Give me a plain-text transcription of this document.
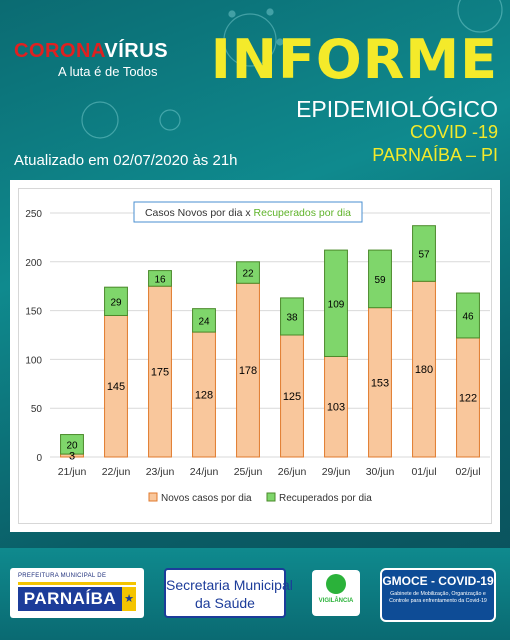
CORONAVÍRUS
A luta é de Todos INFORME
EPIDEMIOLÓGICO
COVID -19
PARNAÍBA – PI
Atualizado em 02/07/2020 às 21h
0
50
100
150
200
250
3
20
21/jun
145
29
22/jun
175
16
23/jun
128
24
24/jun
178
22
25/jun
125
38
26/jun
103
109
29/jun
153
59
30/jun
180
57
01/jul
122
46
02/jul
Casos Novos por dia x Recuperados por dia
Novos casos por dia	Recuperados por dia
PREFEITURA MUNICIPAL DE
PARNAÍBA ★
Secretaria Municipal
da Saúde	VIGILÂNCIA
GMOCE - COVID-19
Gabinete de Mobilização, Organização e Controle para enfrentamento da Covid-19
